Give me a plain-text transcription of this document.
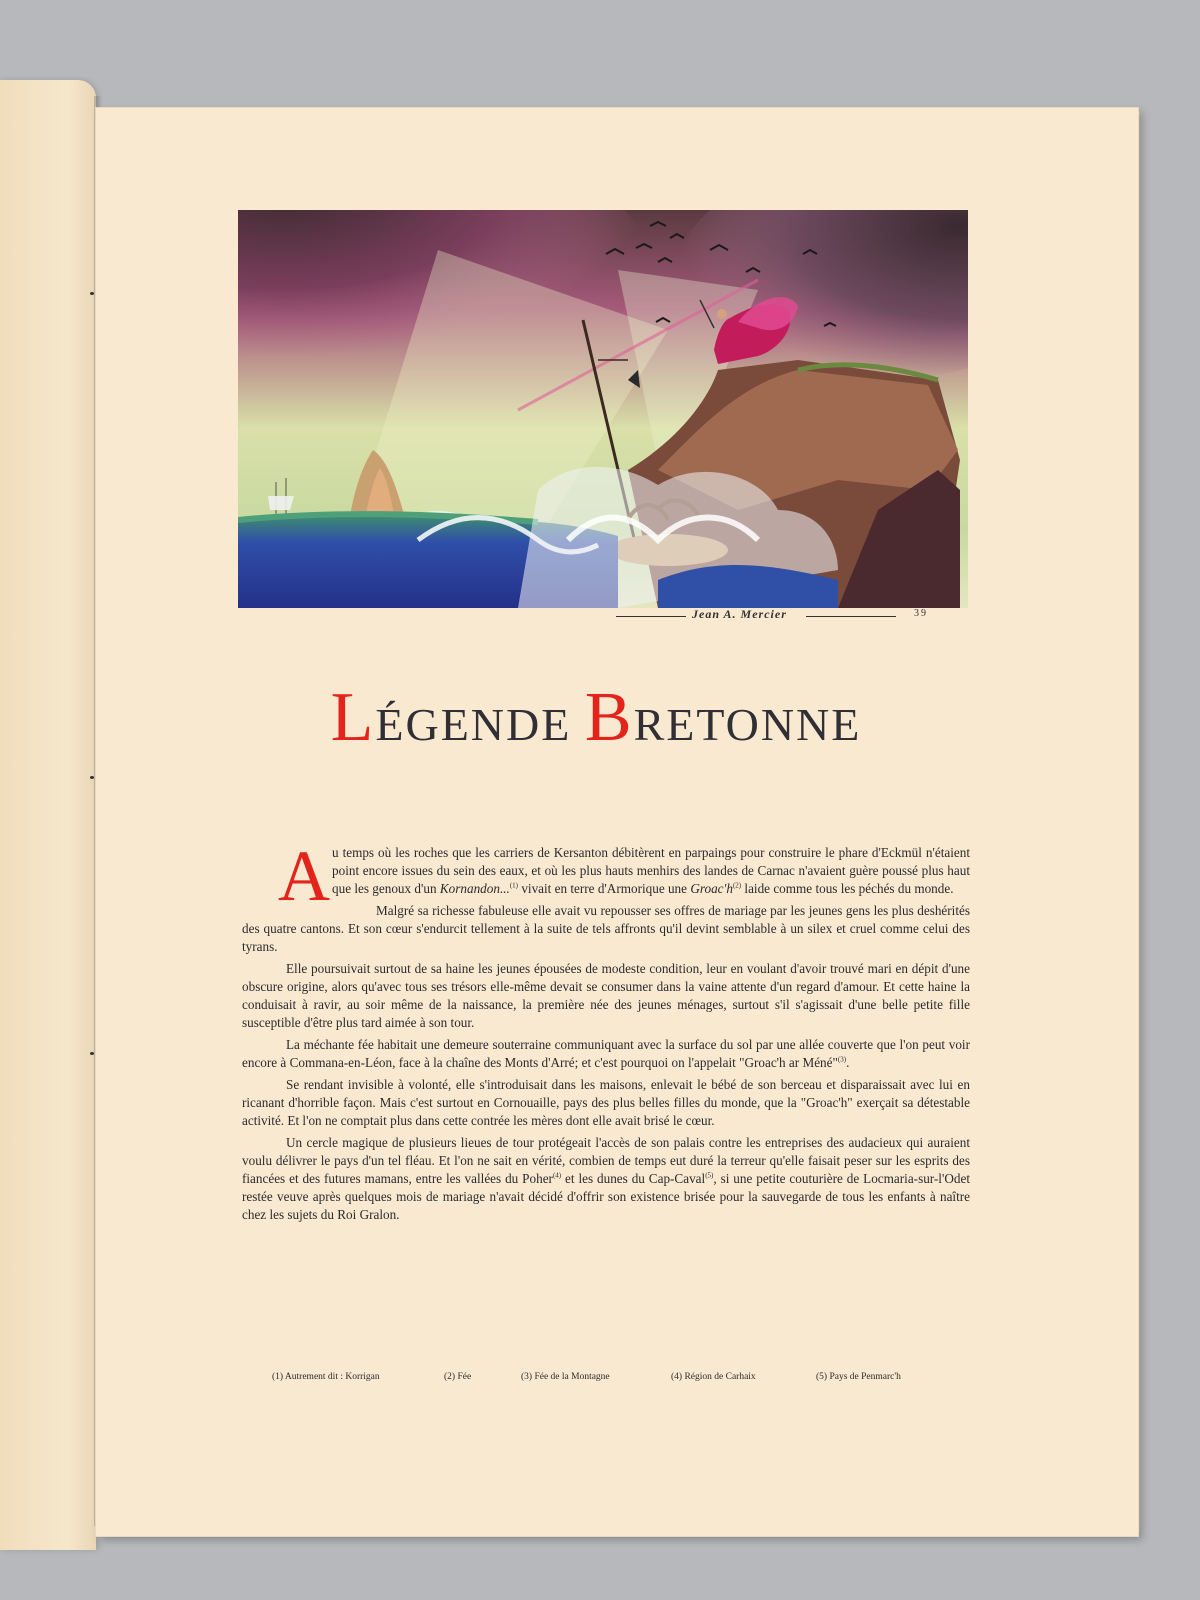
Jean A. Mercier	39
LÉGENDE BRETONNE

Au temps où les roches que les carriers de Kersanton débitèrent en parpaings pour construire le phare d'Eckmül n'étaient point encore issues du sein des eaux, et où les plus hauts menhirs des landes de Carnac n'avaient guère poussé plus haut que les genoux d'un Kornandon...$^{(1)}$ vivait en terre d'Armorique une Groac'h$^{(2)}$ laide comme tous les péchés du monde.

Malgré sa richesse fabuleuse elle avait vu repousser ses offres de mariage par les jeunes gens les plus deshérités des quatre cantons. Et son cœur s'endurcit tellement à la suite de tels affronts qu'il devint semblable à un silex et cruel comme celui des tyrans.

Elle poursuivait surtout de sa haine les jeunes épousées de modeste condition, leur en voulant d'avoir trouvé mari en dépit d'une obscure origine, alors qu'avec tous ses trésors elle-même devait se consumer dans la vaine attente d'un regard d'amour. Et cette haine la conduisait à ravir, au soir même de la naissance, la première née des jeunes ménages, surtout s'il s'agissait d'une belle petite fille susceptible d'être plus tard aimée à son tour.

La méchante fée habitait une demeure souterraine communiquant avec la surface du sol par une allée couverte que l'on peut voir encore à Commana-en-Léon, face à la chaîne des Monts d'Arré; et c'est pourquoi on l'appelait "Groac'h ar Méné"$^{(3)}$.

Se rendant invisible à volonté, elle s'introduisait dans les maisons, enlevait le bébé de son berceau et disparaissait avec lui en ricanant d'horrible façon. Mais c'est surtout en Cornouaille, pays des plus belles filles du monde, que la "Groac'h" exerçait sa détestable activité. Et l'on ne comptait plus dans cette contrée les mères dont elle avait brisé le cœur.

Un cercle magique de plusieurs lieues de tour protégeait l'accès de son palais contre les entreprises des audacieux qui auraient voulu délivrer le pays d'un tel fléau. Et l'on ne sait en vérité, combien de temps eut duré la terreur qu'elle faisait peser sur les esprits des fiancées et des futures mamans, entre les vallées du Poher$^{(4)}$ et les dunes du Cap-Caval$^{(5)}$, si une petite couturière de Locmaria-sur-l'Odet restée veuve après quelques mois de mariage n'avait décidé d'offrir son existence brisée pour la sauvegarde de tous les enfants à naître chez les sujets du Roi Gralon.

(1) Autrement dit : Korrigan	(2) Fée	(3) Fée de la Montagne	(4) Région de Carhaix	(5) Pays de Penmarc'h
